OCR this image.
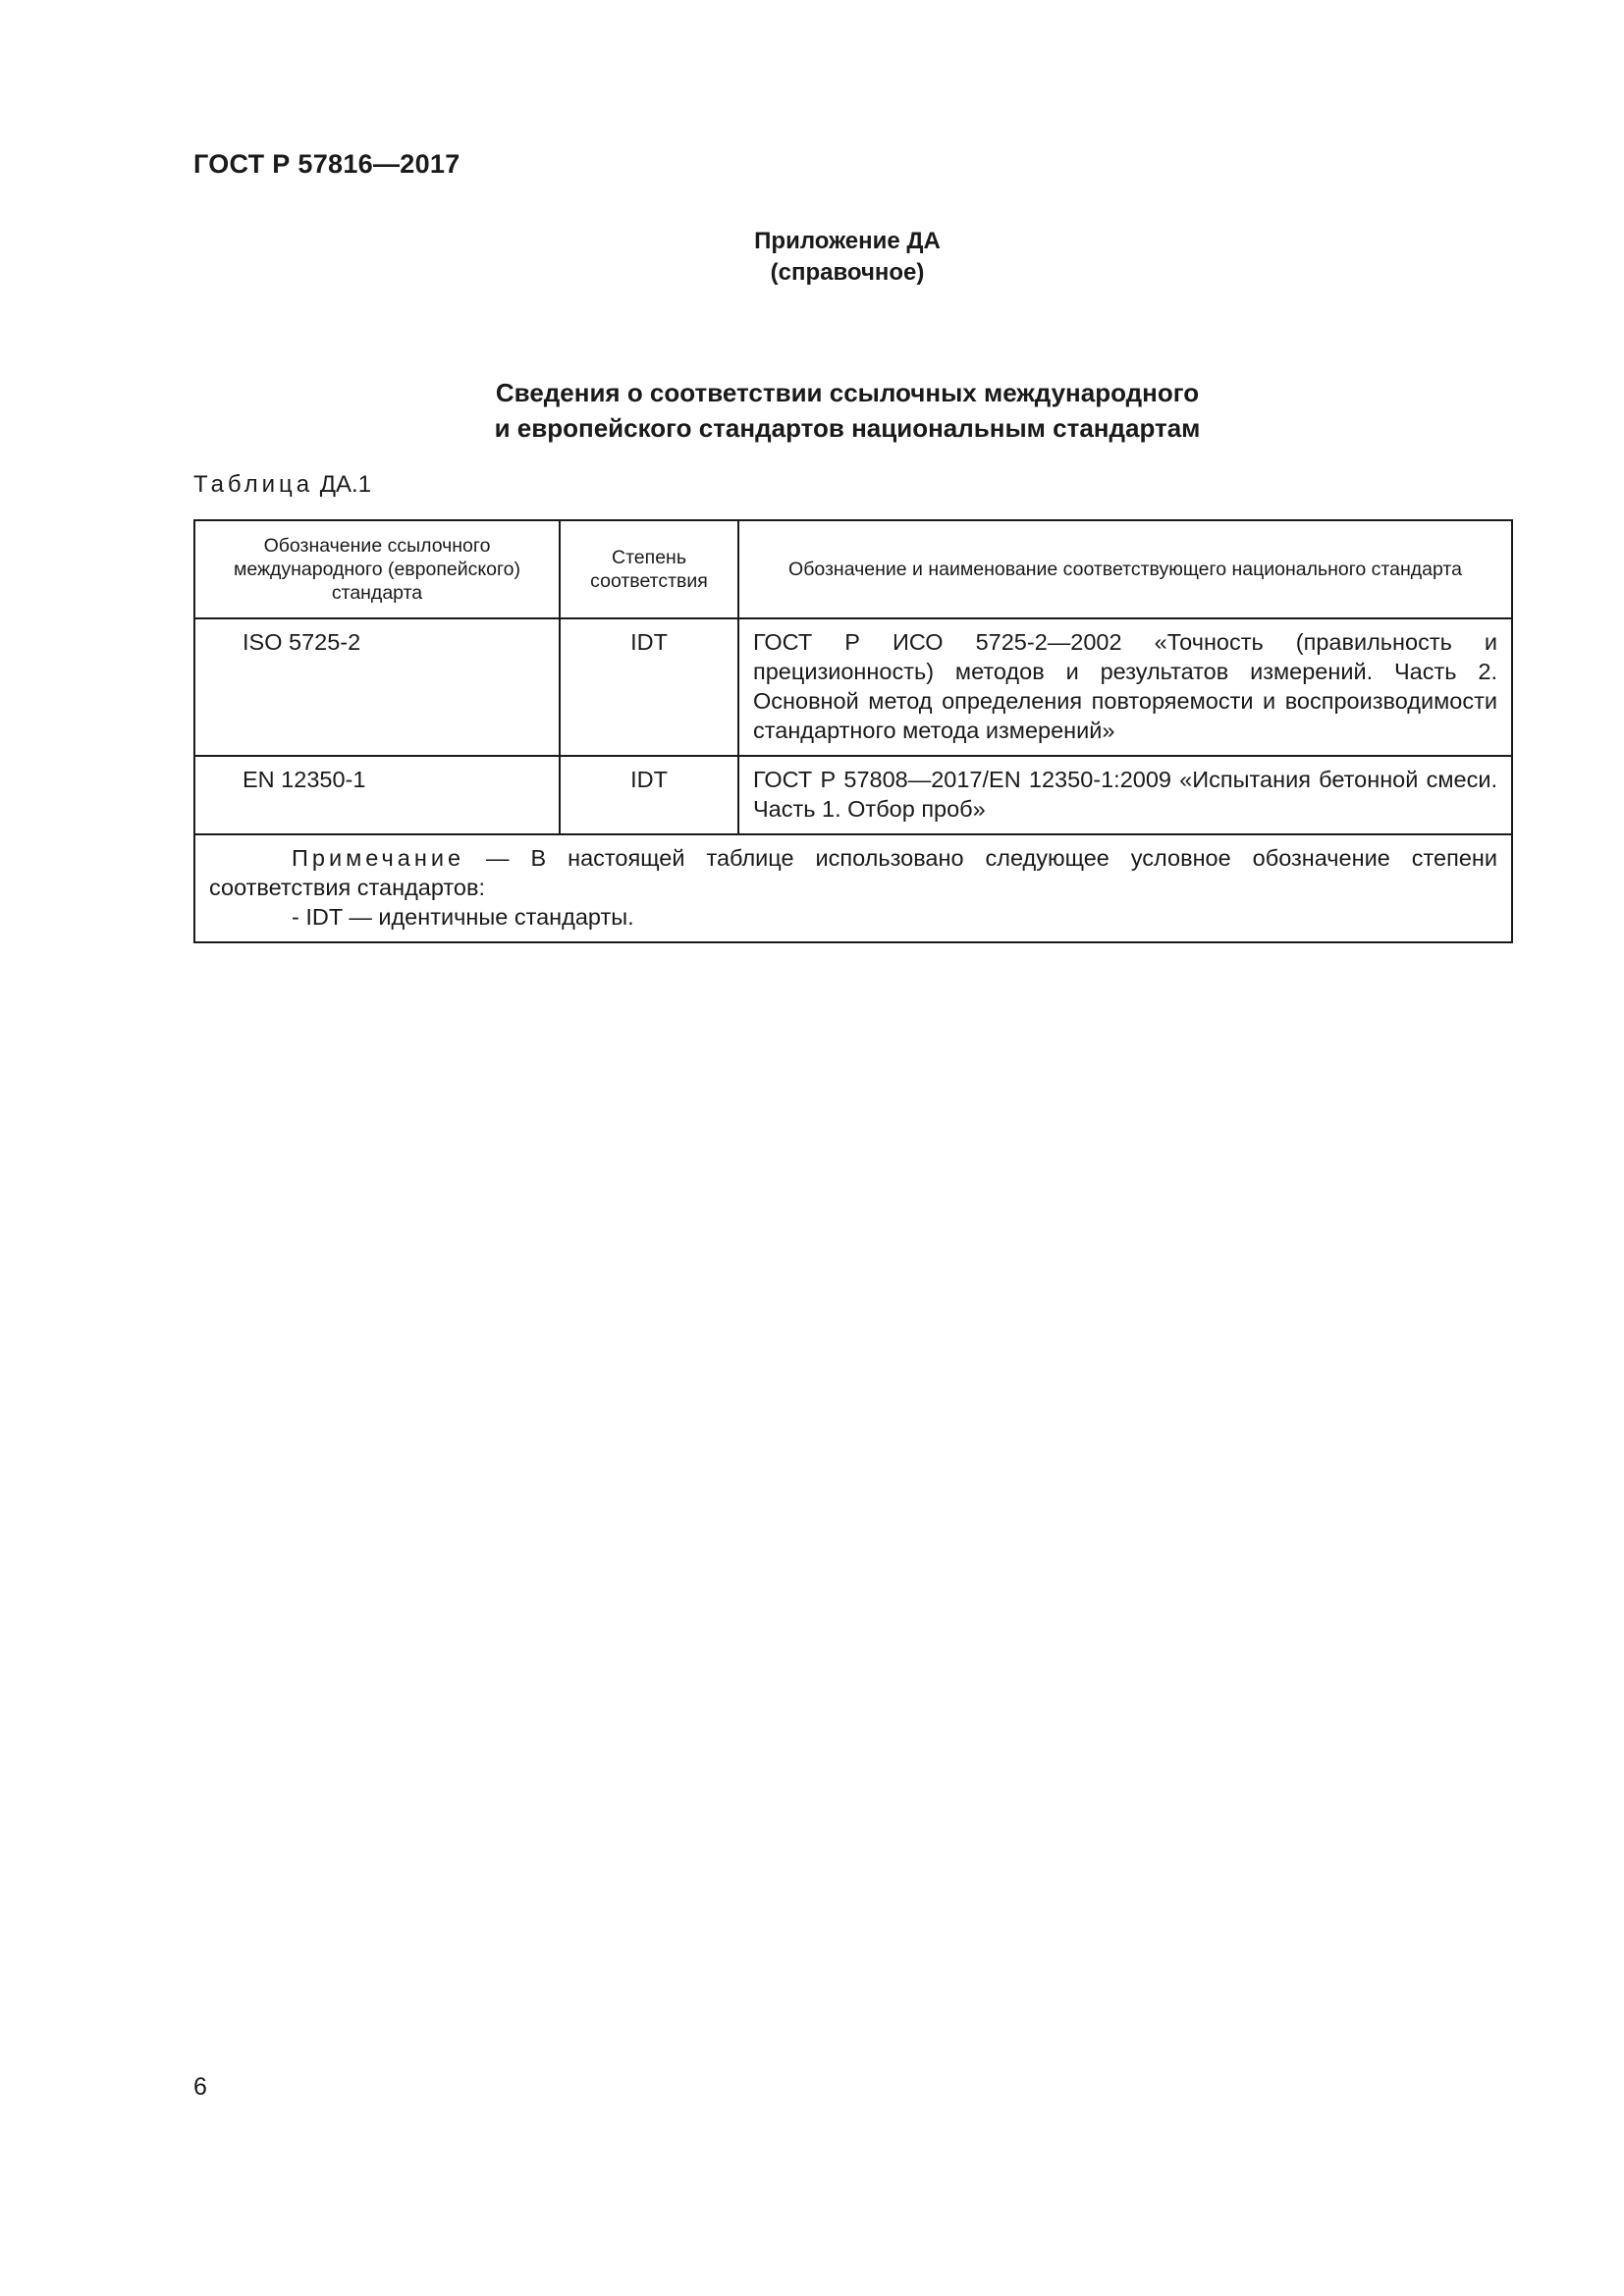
ГОСТ Р 57816—2017
Приложение ДА
(справочное)
Сведения о соответствии ссылочных международного
и европейского стандартов национальным стандартам
Таблица ДА.1
Обозначение ссылочного международного (европейского) стандарта	Степень соответствия	Обозначение и наименование соответствующего национального стандарта
ISO 5725-2	IDT	ГОСТ Р ИСО 5725-2—2002 «Точность (правильность и прецизионность) методов и результатов измерений. Часть 2. Основной метод определения повторяемости и воспроизводимости стандартного метода измерений»
EN 12350-1	IDT	ГОСТ Р 57808—2017/EN 12350-1:2009 «Испытания бетонной смеси. Часть 1. Отбор проб»

Примечание — В настоящей таблице использовано следующее условное обозначение степени соответствия стандартов:
- IDT — идентичные стандарты.		
6
